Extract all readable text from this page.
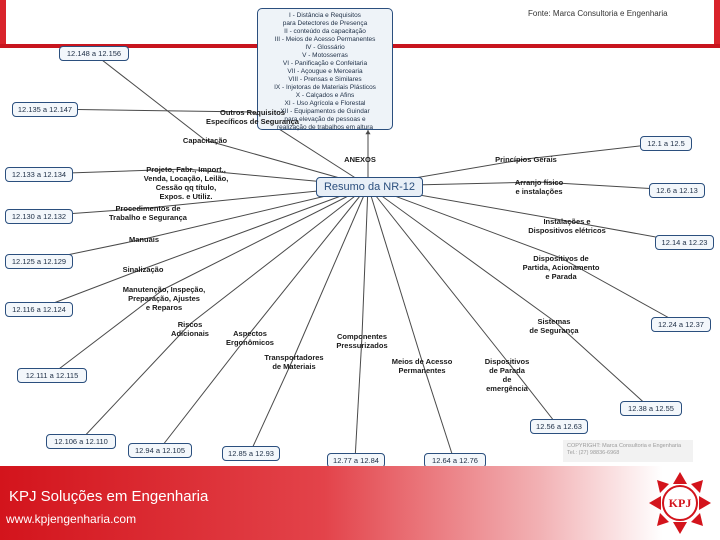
Fonte: Marca Consultoria e Engenharia
I - Distância e Requisitos
para Detectores de Presença
II - conteúdo da capacitação
III - Meios de Acesso Permanentes
IV - Glossário
V - Motosserras
VI - Panificação e Confeitaria
VII - Açougue e Mercearia
VIII - Prensas e Similares
IX - Injetoras de Materiais Plásticos
X - Calçados e Afins
XI - Uso Agrícola e Florestal
XII - Equipamentos de Guindar
para elevação de pessoas e
realização de trabalhos em altura
ANEXOS
Resumo da NR-12
Outros Requisitos
Específicos de Segurança
12.135 a 12.147
Capacitação
12.148 a 12.156
Projeto, Fabr., Import.,
Venda, Locação, Leilão,
Cessão qq título,
Expos. e Utiliz.
12.133 a 12.134
Procedimentos de
Trabalho e Segurança
12.130 a 12.132
Manuais
12.125 a 12.129
Sinalização
12.116 a 12.124
Manutenção, Inspeção,
Preparação, Ajustes
e Reparos
12.111 a 12.115
Riscos
Adicionais
12.106 a 12.110
Aspectos
Ergonômicos
12.94 a 12.105
Transportadores
de Materiais
12.85 a 12.93
Componentes
Pressurizados
12.77 a 12.84
Meios de Acesso
Permanentes
12.64 a 12.76
Dispositivos
de Parada
de emergência
12.56 a 12.63
Sistemas
de Segurança
12.38 a 12.55
Dispositivos de
Partida, Acionamento
e Parada
12.24 a 12.37
Instalações e
Dispositivos elétricos
12.14 a 12.23
Arranjo físico
e instalações	12.6 a 12.13
Princípios Gerais
12.1 a 12.5
COPYRIGHT: Marca Consultoria e Engenharia
Tel.: (27) 98836-6968
KPJ Soluções em Engenharia
www.kpjengenharia.com
KPJ
